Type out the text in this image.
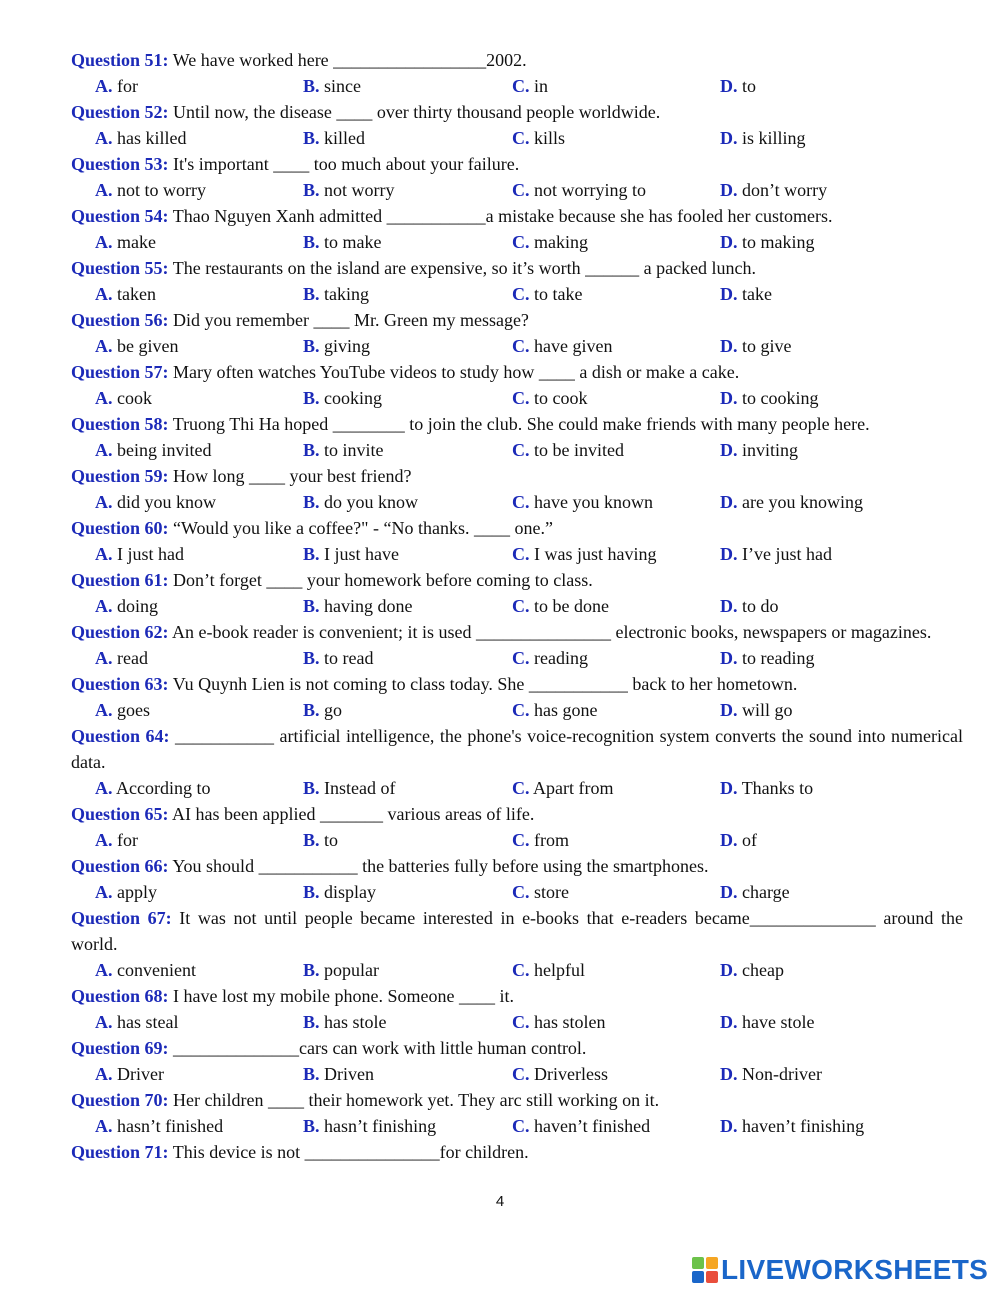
Question 51: We have worked here _________________2002.
A. for	B. since	C. in	D. to
Question 52: Until now, the disease ____ over thirty thousand people worldwide.
A. has killed	B. killed	C. kills	D. is killing
Question 53: It's important ____ too much about your failure.
A. not to worry	B. not worry	C. not worrying to	D. don’t worry
Question 54: Thao Nguyen Xanh admitted ___________a mistake because she has fooled her customers.
A. make	B. to make	C. making	D. to making
Question 55: The restaurants on the island are expensive, so it’s worth ______ a packed lunch.
A. taken	B. taking	C. to take	D. take
Question 56: Did you remember ____ Mr. Green my message?
A. be given	B. giving	C. have given	D. to give
Question 57: Mary often watches YouTube videos to study how ____ a dish or make a cake.
A. cook	B. cooking	C. to cook	D. to cooking
Question 58: Truong Thi Ha hoped ________ to join the club. She could make friends with many people here.
A. being invited	B. to invite	C. to be invited	D. inviting
Question 59: How long ____ your best friend?
A. did you know	B. do you know	C. have you known	D. are you knowing
Question 60: “Would you like a coffee?" - “No thanks. ____ one.”
A. I just had	B. I just have	C. I was just having	D. I’ve just had
Question 61: Don’t forget ____ your homework before coming to class.
A. doing	B. having done	C. to be done	D. to do
Question 62: An e-book reader is convenient; it is used _______________ electronic books, newspapers or magazines.
A. read	B. to read	C. reading	D. to reading
Question 63: Vu Quynh Lien is not coming to class today. She ___________ back to her hometown.
A. goes	B. go	C. has gone	D. will go
Question 64: ___________ artificial intelligence, the phone's voice-recognition system converts the sound into numerical data.
A. According to	B. Instead of	C. Apart from	D. Thanks to
Question 65: AI has been applied _______ various areas of life.
A. for	B. to	C. from	D. of
Question 66: You should ___________ the batteries fully before using the smartphones.
A. apply	B. display	C. store	D. charge
Question 67: It was not until people became interested in e-books that e-readers became______________ around the world.
A. convenient	B. popular	C. helpful	D. cheap
Question 68: I have lost my mobile phone. Someone ____ it.
A. has steal	B. has stole	C. has stolen	D. have stole
Question 69: ______________cars can work with little human control.
A. Driver	B. Driven	C. Driverless	D. Non-driver
Question 70: Her children ____ their homework yet. They arc still working on it.
A. hasn’t finished	B. hasn’t finishing	C. haven’t finished	D. haven’t finishing
Question 71: This device is not _______________for children.
4
LIVEWORKSHEETS
